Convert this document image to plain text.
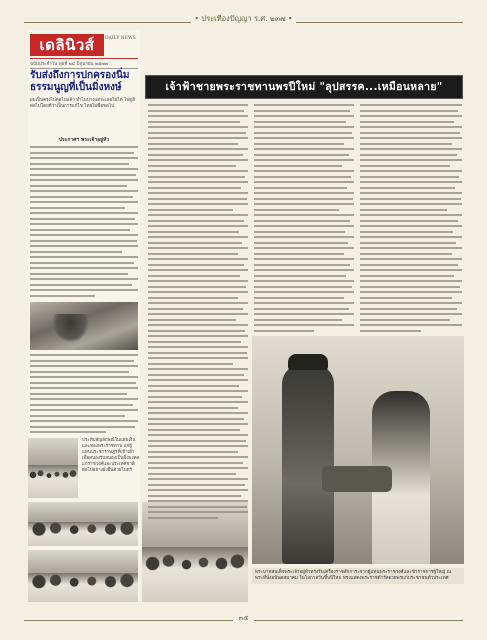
• ประเทืองปัญญา ร.ศ. ๒๓๗ •
เดลินิวส์	DAILY NEWS
ฉบับประจำวัน พุธที่ ๒๔ มิถุนายน ๒๕๗๗
รับส่งถึงการปกครองนิ่มธรรมนูญที่เป็นมิ่งหงษ์
ผมเป็นตรงไปต่อไปแล้ว ทำไมบางแต่จะเลยไม่ได้ ไปดูสิต่อไปโดยดีว่าเป็นการแก้ไข ไทยไม่ซื่อขอไป
ประกาศฯ พระเจ้าอยู่หัว
ประทับสัญลักษณ์ในแผ่นเงินและทองพระราชทาน แก่ผู้แทนประชาราษฎรที่เข้าเฝ้าเพื่อสนองรับสนองเป็นมิ่งมงคลแก่ราชวงศ์และประเทศชาติต่อไปอย่างยั่งยืนด้วยไมตรี
เจ้าฟ้าชายพระราชทานพรปีใหม่ "ลุปสรรค...เหมือนหลาย"
พระบาทสมเด็จพระเจ้าอยู่หัวทรงรับเครื่องราชสักการะจากผู้แทนพระราชวงศ์และข้าราชการผู้ใหญ่ ณ พระที่นั่งอนันตสมาคม ในโอกาสวันขึ้นปีใหม่ ทรงแสดงพระราชดำรัสอวยพรแก่ประชาชนทั่วประเทศ
๓๕
